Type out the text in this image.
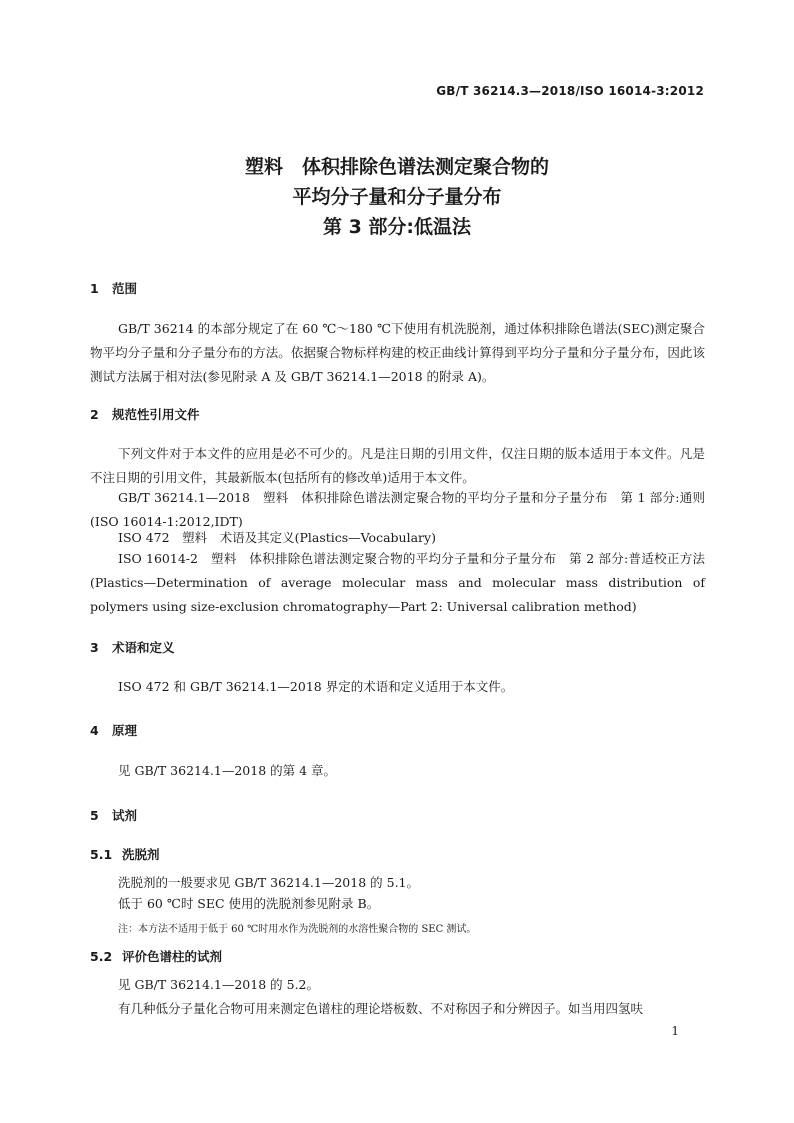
GB/T 36214.3—2018/ISO 16014-3:2012
塑料　体积排除色谱法测定聚合物的
平均分子量和分子量分布
第 3 部分:低温法
1 范围
GB/T 36214 的本部分规定了在 60 ℃～180 ℃下使用有机洗脱剂，通过体积排除色谱法(SEC)测定聚合物平均分子量和分子量分布的方法。依据聚合物标样构建的校正曲线计算得到平均分子量和分子量分布，因此该测试方法属于相对法(参见附录 A 及 GB/T 36214.1—2018 的附录 A)。
2 规范性引用文件
下列文件对于本文件的应用是必不可少的。凡是注日期的引用文件，仅注日期的版本适用于本文件。凡是不注日期的引用文件，其最新版本(包括所有的修改单)适用于本文件。
GB/T 36214.1—2018　塑料　体积排除色谱法测定聚合物的平均分子量和分子量分布　第 1 部分:通则(ISO 16014-1:2012,IDT)
ISO 472　塑料　术语及其定义(Plastics—Vocabulary)
ISO 16014-2　塑料　体积排除色谱法测定聚合物的平均分子量和分子量分布　第 2 部分:普适校正方法(Plastics—Determination of average molecular mass and molecular mass distribution of polymers using size-exclusion chromatography—Part 2: Universal calibration method)
3 术语和定义
ISO 472 和 GB/T 36214.1—2018 界定的术语和定义适用于本文件。
4 原理
见 GB/T 36214.1—2018 的第 4 章。
5 试剂
5.1 洗脱剂
洗脱剂的一般要求见 GB/T 36214.1—2018 的 5.1。
低于 60 ℃时 SEC 使用的洗脱剂参见附录 B。
注：本方法不适用于低于 60 ℃时用水作为洗脱剂的水溶性聚合物的 SEC 测试。
5.2 评价色谱柱的试剂
见 GB/T 36214.1—2018 的 5.2。
有几种低分子量化合物可用来测定色谱柱的理论塔板数、不对称因子和分辨因子。如当用四氢呋
1
